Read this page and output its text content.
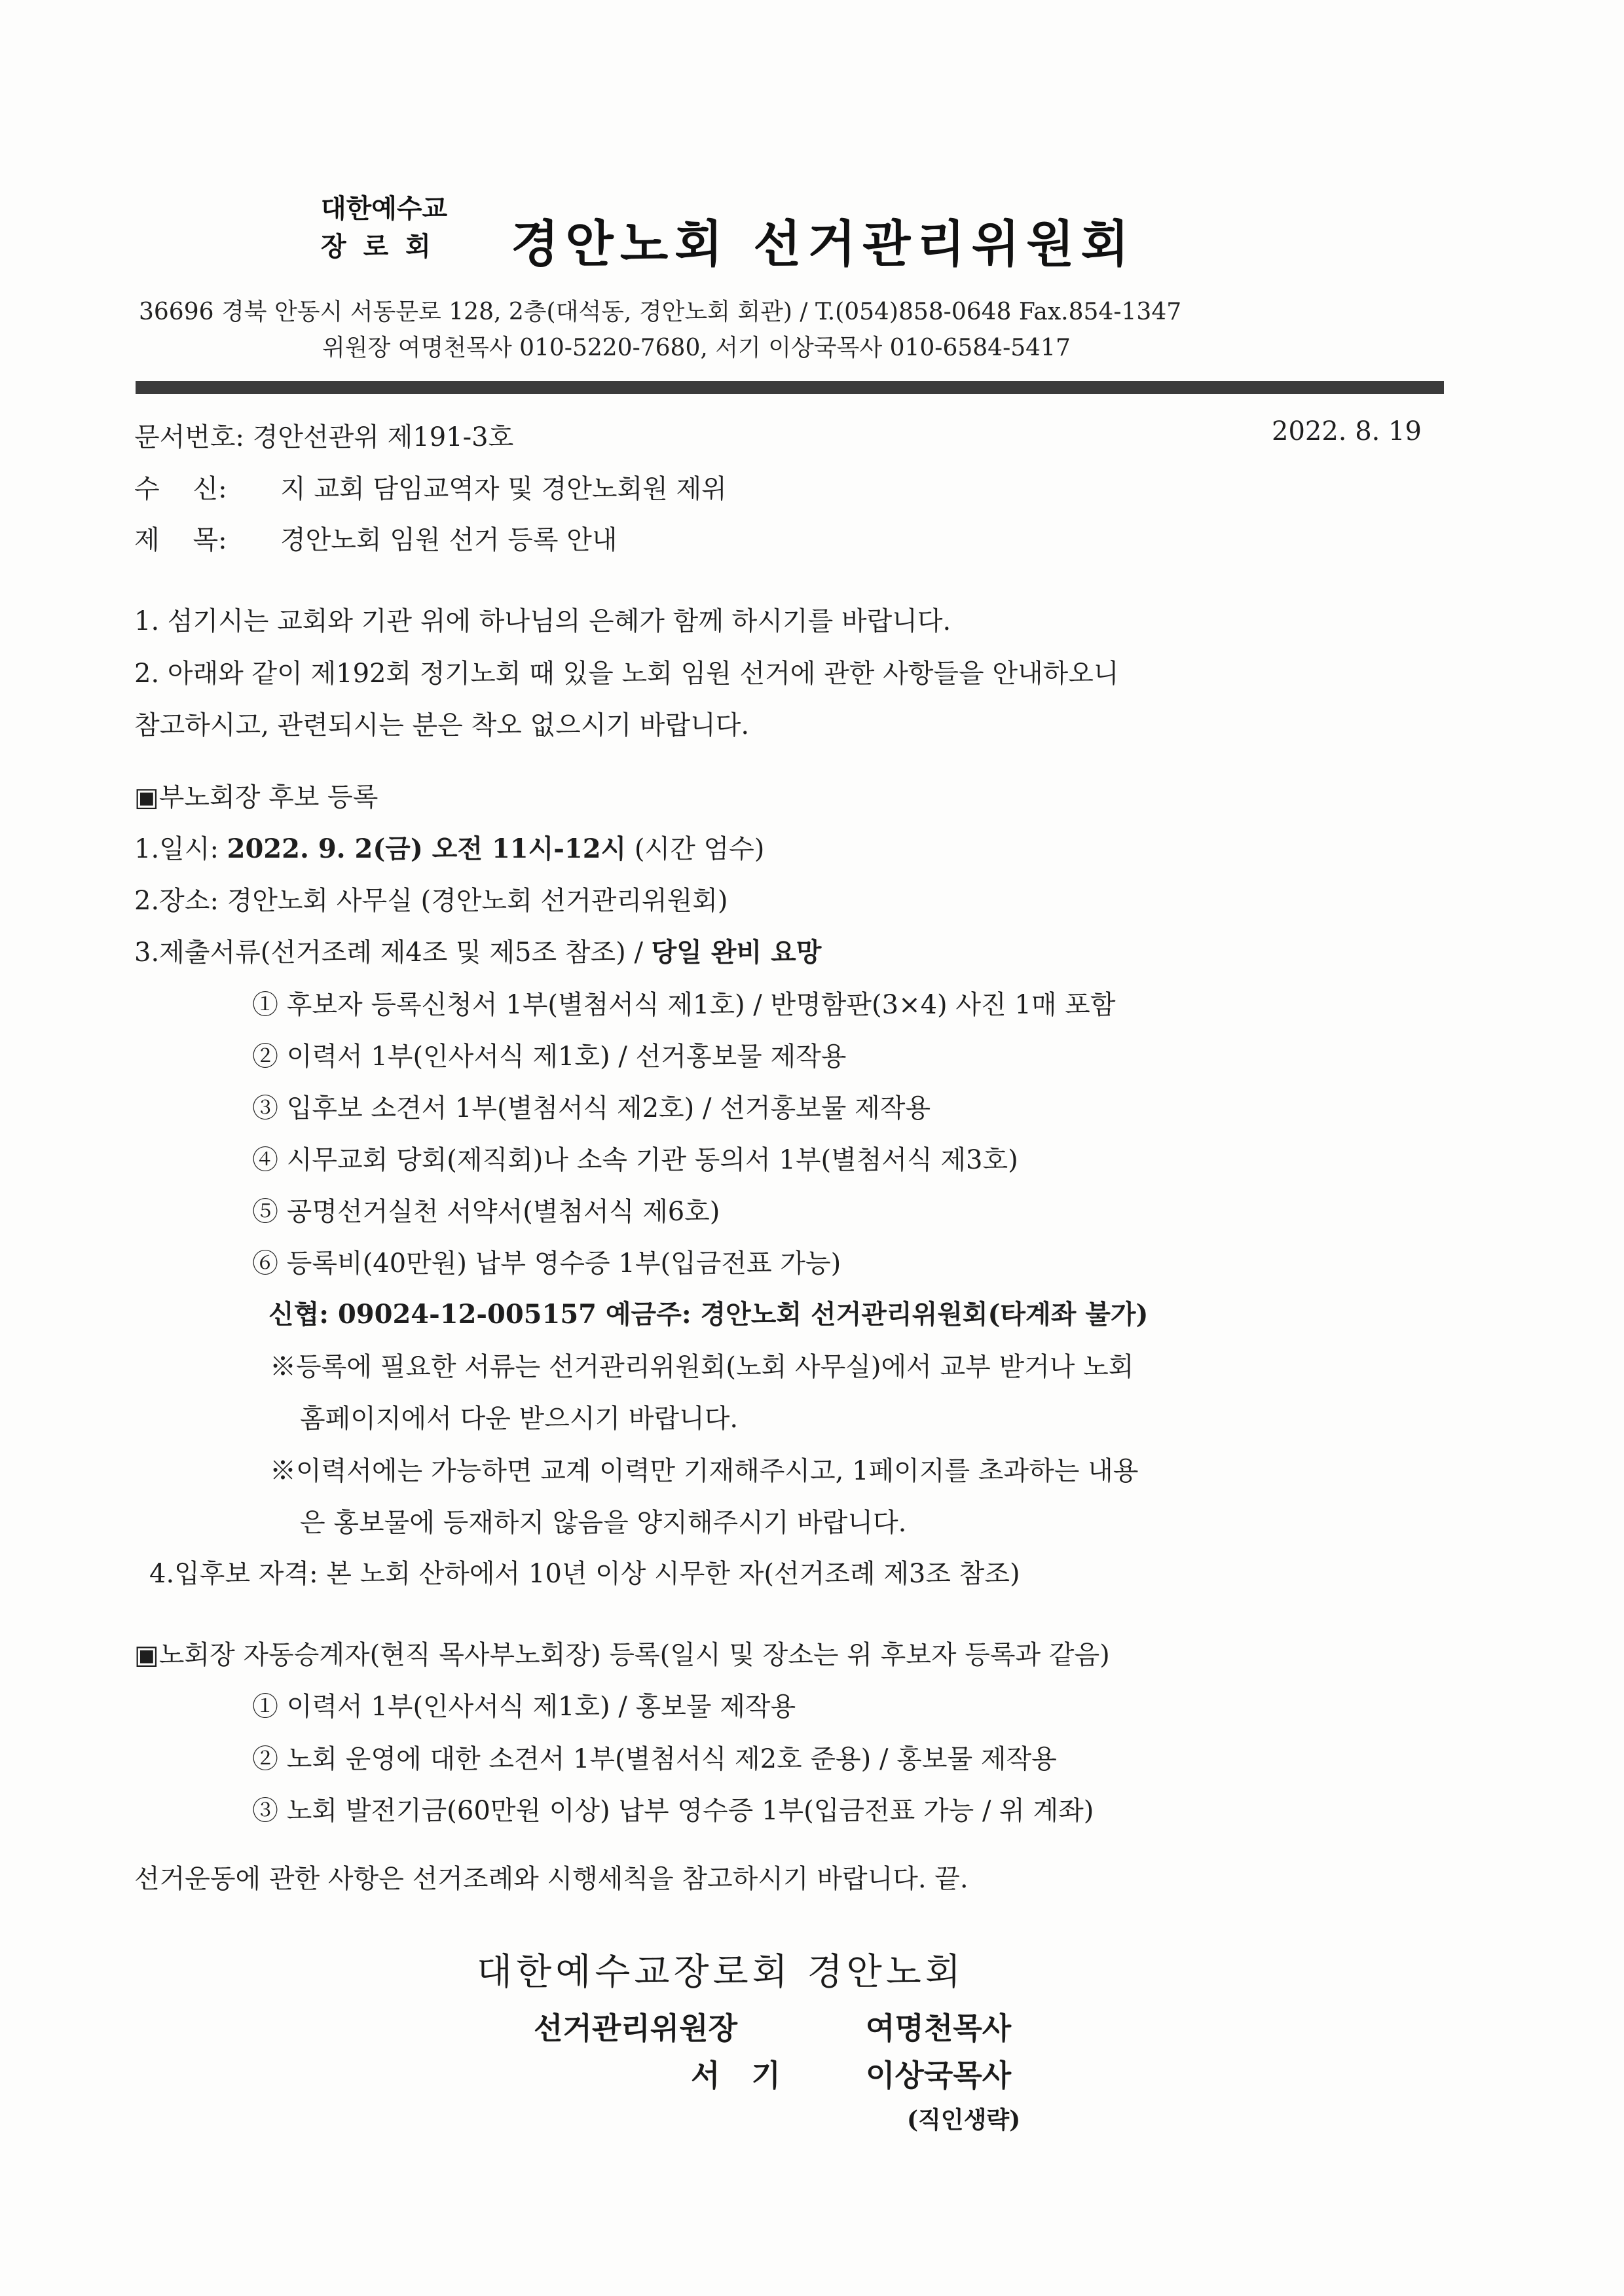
대한예수교
장 로 회 경안노회 선거관리위원회
36696 경북 안동시 서동문로 128, 2층(대석동, 경안노회 회관) / T.(054)858-0648 Fax.854-1347
위원장 여명천목사 010-5220-7680, 서기 이상국목사 010-6584-5417
문서번호: 경안선관위 제191-3호	2022. 8. 19
수    신: 지 교회 담임교역자 및 경안노회원 제위
제    목: 경안노회 임원 선거 등록 안내
1. 섬기시는 교회와 기관 위에 하나님의 은혜가 함께 하시기를 바랍니다.
2. 아래와 같이 제192회 정기노회 때 있을 노회 임원 선거에 관한 사항들을 안내하오니
참고하시고, 관련되시는 분은 착오 없으시기 바랍니다.
▣부노회장 후보 등록
1.일시: 2022. 9. 2(금) 오전 11시-12시 (시간 엄수)
2.장소: 경안노회 사무실 (경안노회 선거관리위원회)
3.제출서류(선거조례 제4조 및 제5조 참조) / 당일 완비 요망
① 후보자 등록신청서 1부(별첨서식 제1호) / 반명함판(3×4) 사진 1매 포함
② 이력서 1부(인사서식 제1호) / 선거홍보물 제작용
③ 입후보 소견서 1부(별첨서식 제2호) / 선거홍보물 제작용
④ 시무교회 당회(제직회)나 소속 기관 동의서 1부(별첨서식 제3호)
⑤ 공명선거실천 서약서(별첨서식 제6호)
⑥ 등록비(40만원) 납부 영수증 1부(입금전표 가능)
신협: 09024-12-005157 예금주: 경안노회 선거관리위원회(타계좌 불가)
※등록에 필요한 서류는 선거관리위원회(노회 사무실)에서 교부 받거나 노회
홈페이지에서 다운 받으시기 바랍니다.
※이력서에는 가능하면 교계 이력만 기재해주시고, 1페이지를 초과하는 내용
은 홍보물에 등재하지 않음을 양지해주시기 바랍니다.
4.입후보 자격: 본 노회 산하에서 10년 이상 시무한 자(선거조례 제3조 참조)
▣노회장 자동승계자(현직 목사부노회장) 등록(일시 및 장소는 위 후보자 등록과 같음)
① 이력서 1부(인사서식 제1호) / 홍보물 제작용
② 노회 운영에 대한 소견서 1부(별첨서식 제2호 준용) / 홍보물 제작용
③ 노회 발전기금(60만원 이상) 납부 영수증 1부(입금전표 가능 / 위 계좌)
선거운동에 관한 사항은 선거조례와 시행세칙을 참고하시기 바랍니다. 끝.
대한예수교장로회 경안노회
선거관리위원장	여명천목사
서   기	이상국목사
(직인생략)
